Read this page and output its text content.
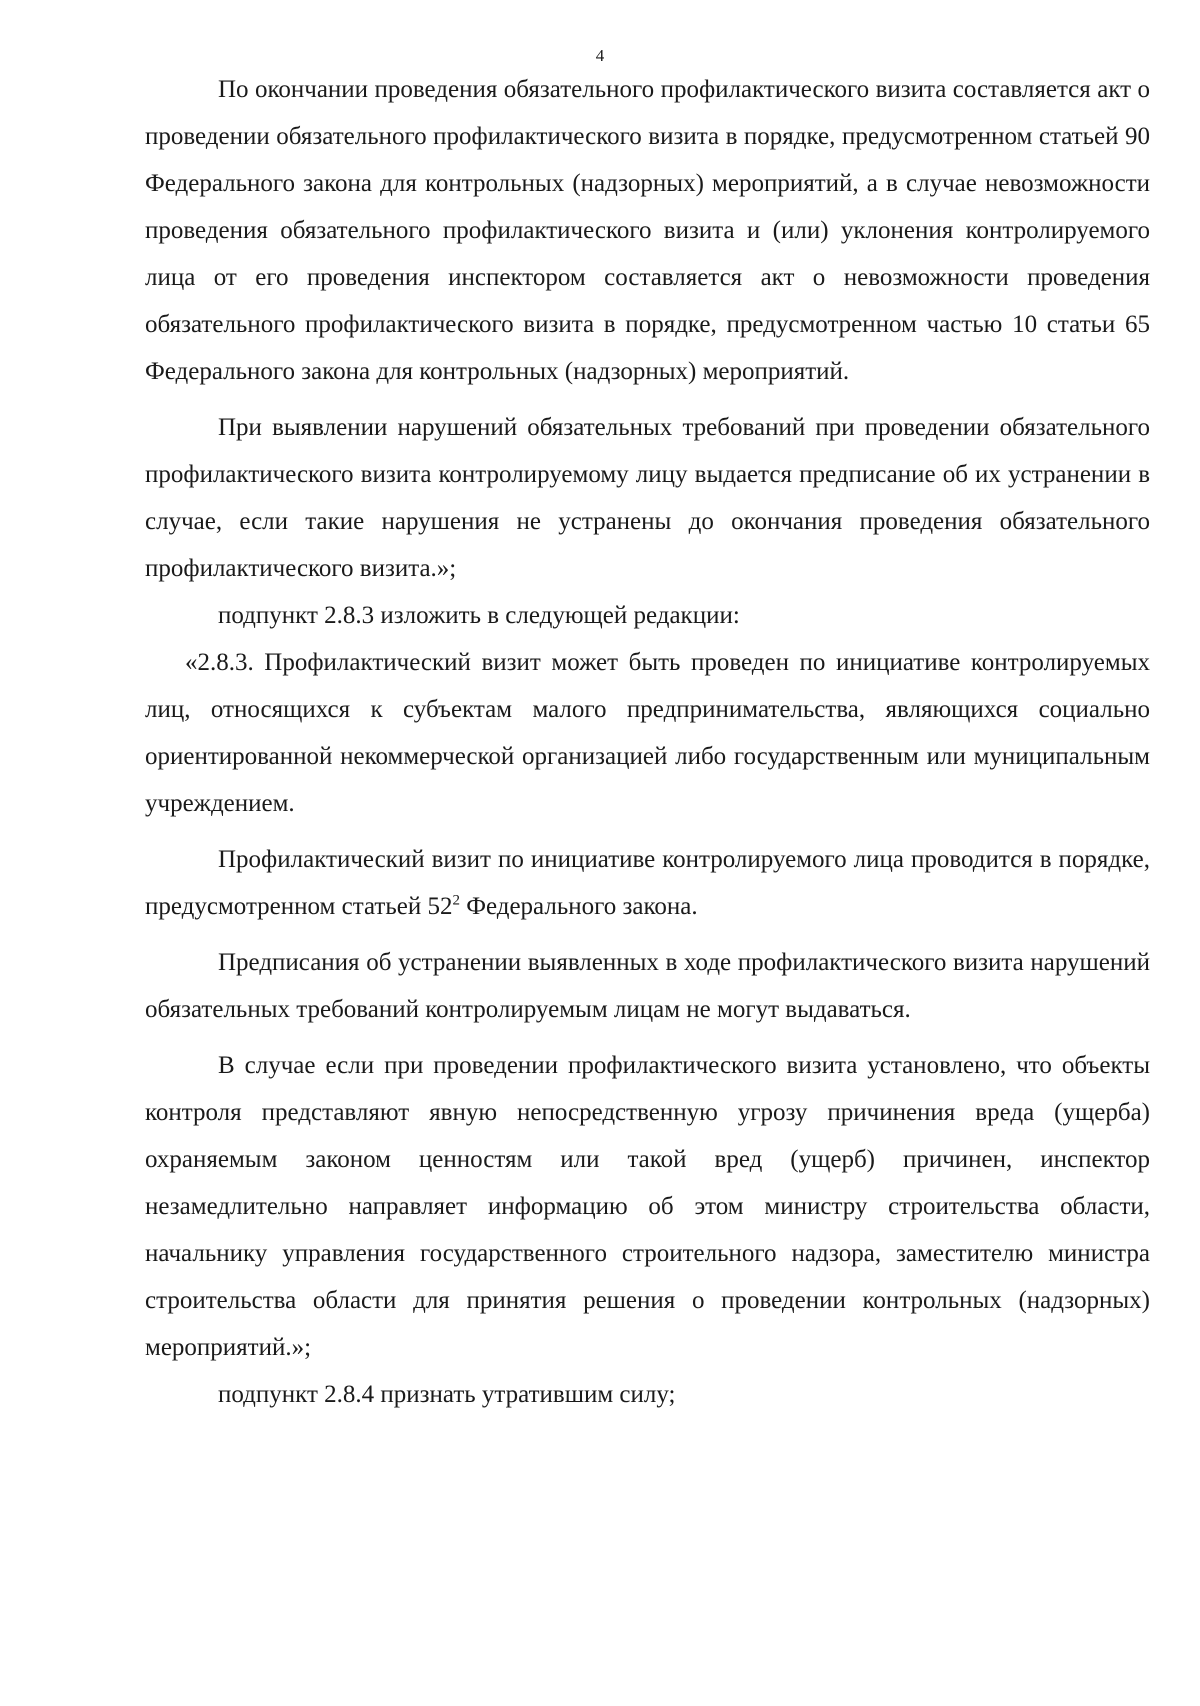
4

По окончании проведения обязательного профилактического визита составляется акт о проведении обязательного профилактического визита в порядке, предусмотренном статьей 90 Федерального закона для контрольных (надзорных) мероприятий, а в случае невозможности проведения обязательного профилактического визита и (или) уклонения контролируемого лица от его проведения инспектором составляется акт о невозможности проведения обязательного профилактического визита в порядке, предусмотренном частью 10 статьи 65 Федерального закона для контрольных (надзорных) мероприятий.

При выявлении нарушений обязательных требований при проведении обязательного профилактического визита контролируемому лицу выдается предписание об их устранении в случае, если такие нарушения не устранены до окончания проведения обязательного профилактического визита.»;

подпункт 2.8.3 изложить в следующей редакции:

«2.8.3. Профилактический визит может быть проведен по инициативе контролируемых лиц, относящихся к субъектам малого предпринимательства, являющихся социально ориентированной некоммерческой организацией либо государственным или муниципальным учреждением.

Профилактический визит по инициативе контролируемого лица проводится в порядке, предусмотренном статьей $52^2$ Федерального закона.

Предписания об устранении выявленных в ходе профилактического визита нарушений обязательных требований контролируемым лицам не могут выдаваться.

В случае если при проведении профилактического визита установлено, что объекты контроля представляют явную непосредственную угрозу причинения вреда (ущерба) охраняемым законом ценностям или такой вред (ущерб) причинен, инспектор незамедлительно направляет информацию об этом министру строительства области, начальнику управления государственного строительного надзора, заместителю министра строительства области для принятия решения о проведении контрольных (надзорных) мероприятий.»;

подпункт 2.8.4 признать утратившим силу;
